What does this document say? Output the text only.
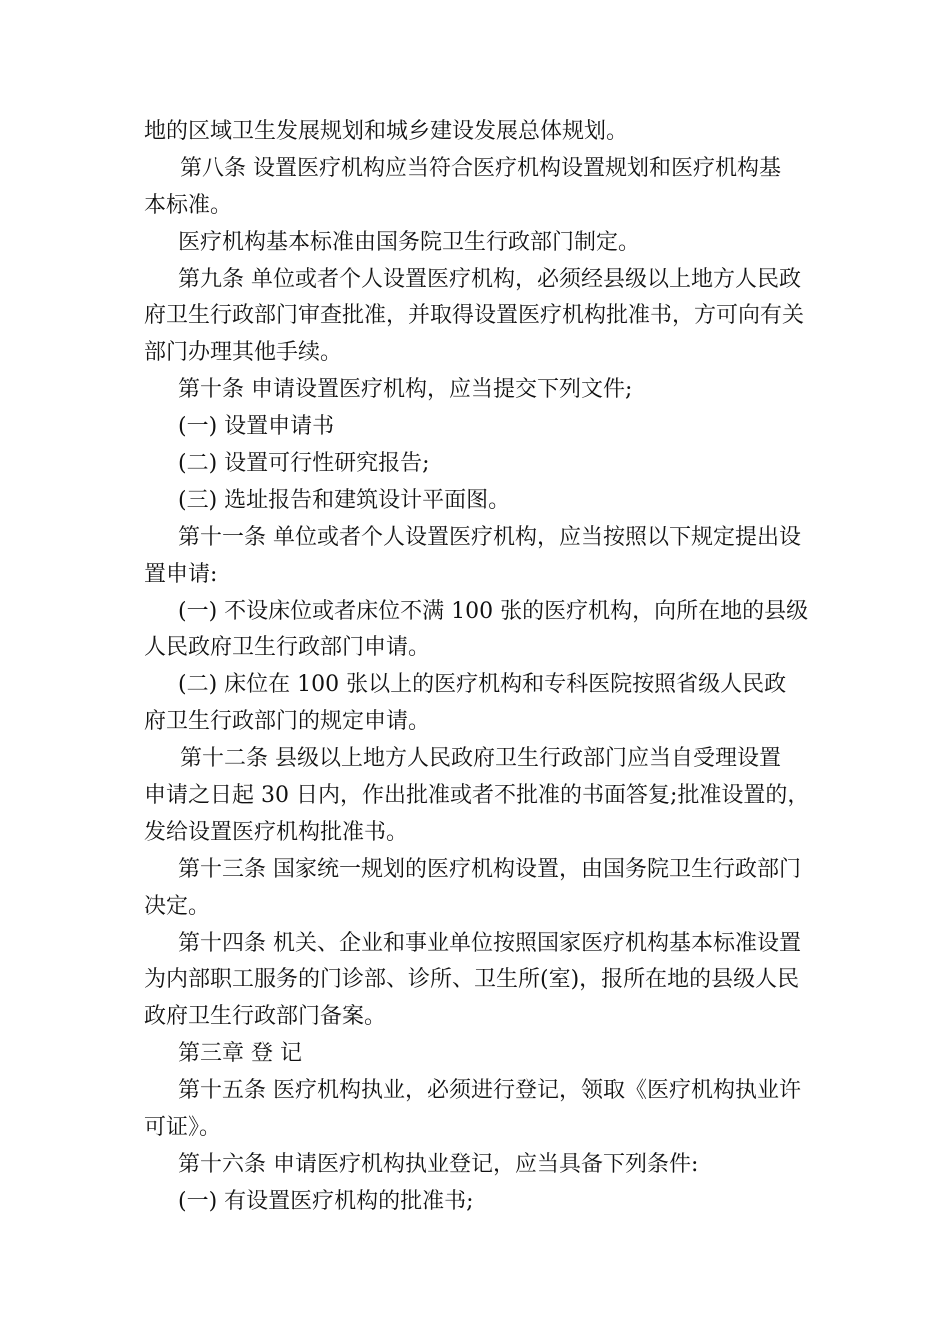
地的区域卫生发展规划和城乡建设发展总体规划。
第八条 设置医疗机构应当符合医疗机构设置规划和医疗机构基
本标准。
医疗机构基本标准由国务院卫生行政部门制定。
第九条 单位或者个人设置医疗机构，必须经县级以上地方人民政
府卫生行政部门审查批准，并取得设置医疗机构批准书，方可向有关
部门办理其他手续。
第十条 申请设置医疗机构，应当提交下列文件;
(一) 设置申请书
(二) 设置可行性研究报告;
(三) 选址报告和建筑设计平面图。
第十一条 单位或者个人设置医疗机构，应当按照以下规定提出设
置申请:
(一) 不设床位或者床位不满 100 张的医疗机构，向所在地的县级
人民政府卫生行政部门申请。
(二) 床位在 100 张以上的医疗机构和专科医院按照省级人民政
府卫生行政部门的规定申请。
第十二条 县级以上地方人民政府卫生行政部门应当自受理设置
申请之日起 30 日内，作出批准或者不批准的书面答复;批准设置的，
发给设置医疗机构批准书。
第十三条 国家统一规划的医疗机构设置，由国务院卫生行政部门
决定。
第十四条 机关、企业和事业单位按照国家医疗机构基本标准设置
为内部职工服务的门诊部、诊所、卫生所(室)，报所在地的县级人民
政府卫生行政部门备案。
第三章 登 记
第十五条 医疗机构执业，必须进行登记，领取《医疗机构执业许
可证》。
第十六条 申请医疗机构执业登记，应当具备下列条件:
(一) 有设置医疗机构的批准书;
